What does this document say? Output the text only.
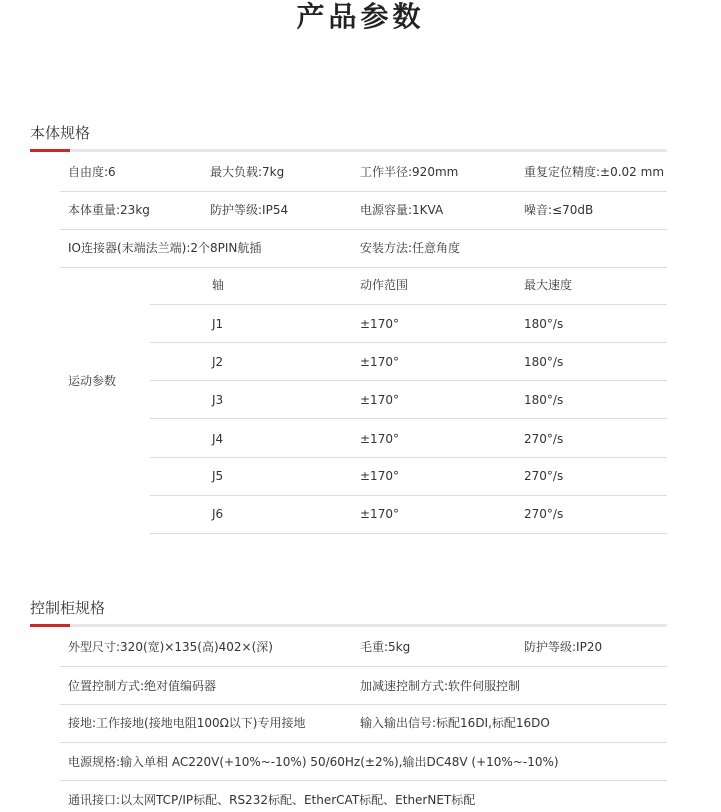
产品参数
本体规格
自由度:6	最大负载:7kg	工作半径:920mm	重复定位精度:±0.02 mm
本体重量:23kg	防护等级:IP54	电源容量:1KVA	噪音:≤70dB
IO连接器(末端法兰端):2个8PIN航插	安装方法:任意角度
运动参数
轴	动作范围	最大速度
J1	±170°	180°/s
J2	±170°	180°/s
J3	±170°	180°/s
J4	±170°	270°/s
J5	±170°	270°/s
J6	±170°	270°/s
控制柜规格
外型尺寸:320(宽)×135(高)402×(深)	毛重:5kg	防护等级:IP20
位置控制方式:绝对值编码器	加减速控制方式:软件伺服控制
接地:工作接地(接地电阻100Ω以下)专用接地	输入输出信号:标配16DI,标配16DO
电源规格:输入单相 AC220V(+10%~-10%) 50/60Hz(±2%),输出DC48V (+10%~-10%)
通讯接口:以太网TCP/IP标配、RS232标配、EtherCAT标配、EtherNET标配
